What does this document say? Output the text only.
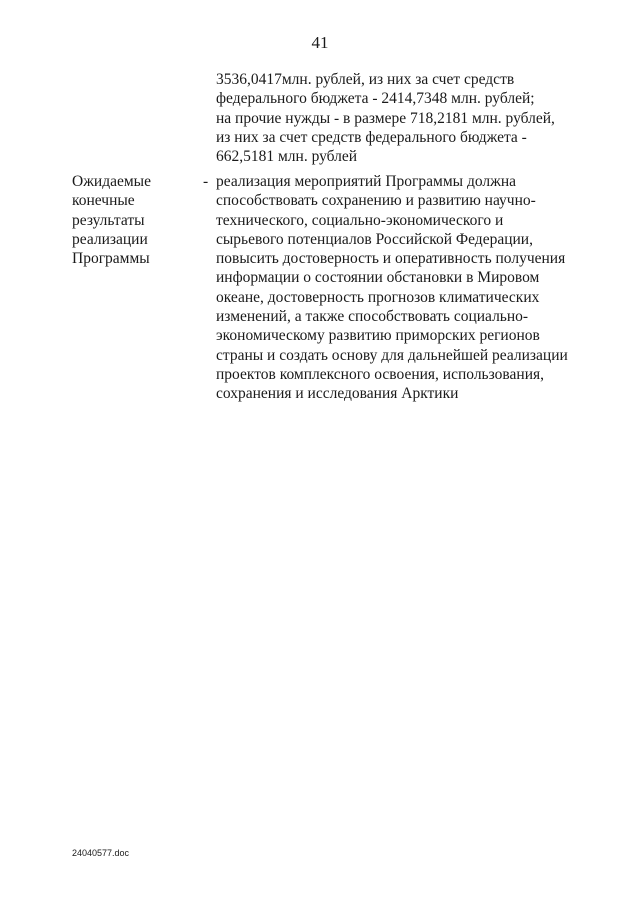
41
3536,0417млн. рублей, из них за счет средств
федерального бюджета - 2414,7348 млн. рублей;
на прочие нужды - в размере 718,2181 млн. рублей,
из них за счет средств федерального бюджета -
662,5181 млн. рублей
Ожидаемые
конечные
результаты
реализации
Программы
- реализация мероприятий Программы должна
способствовать сохранению и развитию научно-
технического, социально-экономического и
сырьевого потенциалов Российской Федерации,
повысить достоверность и оперативность получения
информации о состоянии обстановки в Мировом
океане, достоверность прогнозов климатических
изменений, а также способствовать социально-
экономическому развитию приморских регионов
страны и создать основу для дальнейшей реализации
проектов комплексного освоения, использования,
сохранения и исследования Арктики
24040577.doc
